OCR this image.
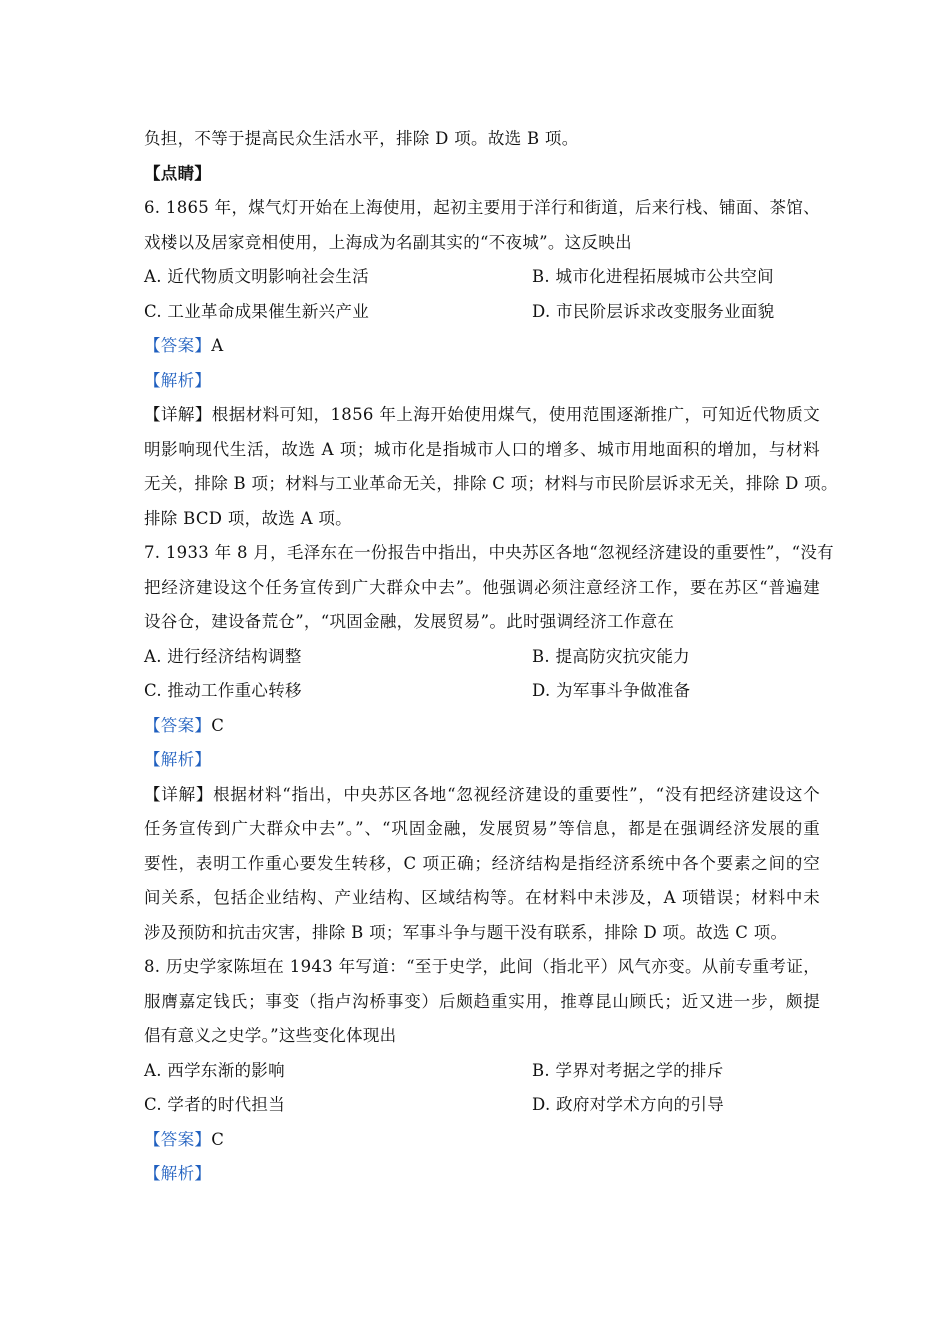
负担，不等于提高民众生活水平，排除 D 项。故选 B 项。
【点睛】
6. 1865 年，煤气灯开始在上海使用，起初主要用于洋行和街道，后来行栈、铺面、茶馆、
戏楼以及居家竞相使用，上海成为名副其实的“不夜城”。这反映出
A. 近代物质文明影响社会生活	B. 城市化进程拓展城市公共空间
C. 工业革命成果催生新兴产业	D. 市民阶层诉求改变服务业面貌
【答案】A
【解析】
【详解】根据材料可知，1856 年上海开始使用煤气，使用范围逐渐推广，可知近代物质文
明影响现代生活，故选 A 项；城市化是指城市人口的增多、城市用地面积的增加，与材料
无关，排除 B 项；材料与工业革命无关，排除 C 项；材料与市民阶层诉求无关，排除 D 项。
排除 BCD 项，故选 A 项。
7. 1933 年 8 月，毛泽东在一份报告中指出，中央苏区各地“忽视经济建设的重要性”，“没有
把经济建设这个任务宣传到广大群众中去”。他强调必须注意经济工作，要在苏区“普遍建
设谷仓，建设备荒仓”，“巩固金融，发展贸易”。此时强调经济工作意在
A. 进行经济结构调整	B. 提高防灾抗灾能力
C. 推动工作重心转移	D. 为军事斗争做准备
【答案】C
【解析】
【详解】根据材料“指出，中央苏区各地“忽视经济建设的重要性”，“没有把经济建设这个
任务宣传到广大群众中去”。”、“巩固金融，发展贸易”等信息，都是在强调经济发展的重
要性，表明工作重心要发生转移，C 项正确；经济结构是指经济系统中各个要素之间的空
间关系，包括企业结构、产业结构、区域结构等。在材料中未涉及，A 项错误；材料中未
涉及预防和抗击灾害，排除 B 项；军事斗争与题干没有联系，排除 D 项。故选 C 项。
8. 历史学家陈垣在 1943 年写道：“至于史学，此间（指北平）风气亦变。从前专重考证，
服膺嘉定钱氏；事变（指卢沟桥事变）后颇趋重实用，推尊昆山顾氏；近又进一步，颇提
倡有意义之史学。”这些变化体现出
A. 西学东渐的影响	B. 学界对考据之学的排斥
C. 学者的时代担当	D. 政府对学术方向的引导
【答案】C
【解析】
